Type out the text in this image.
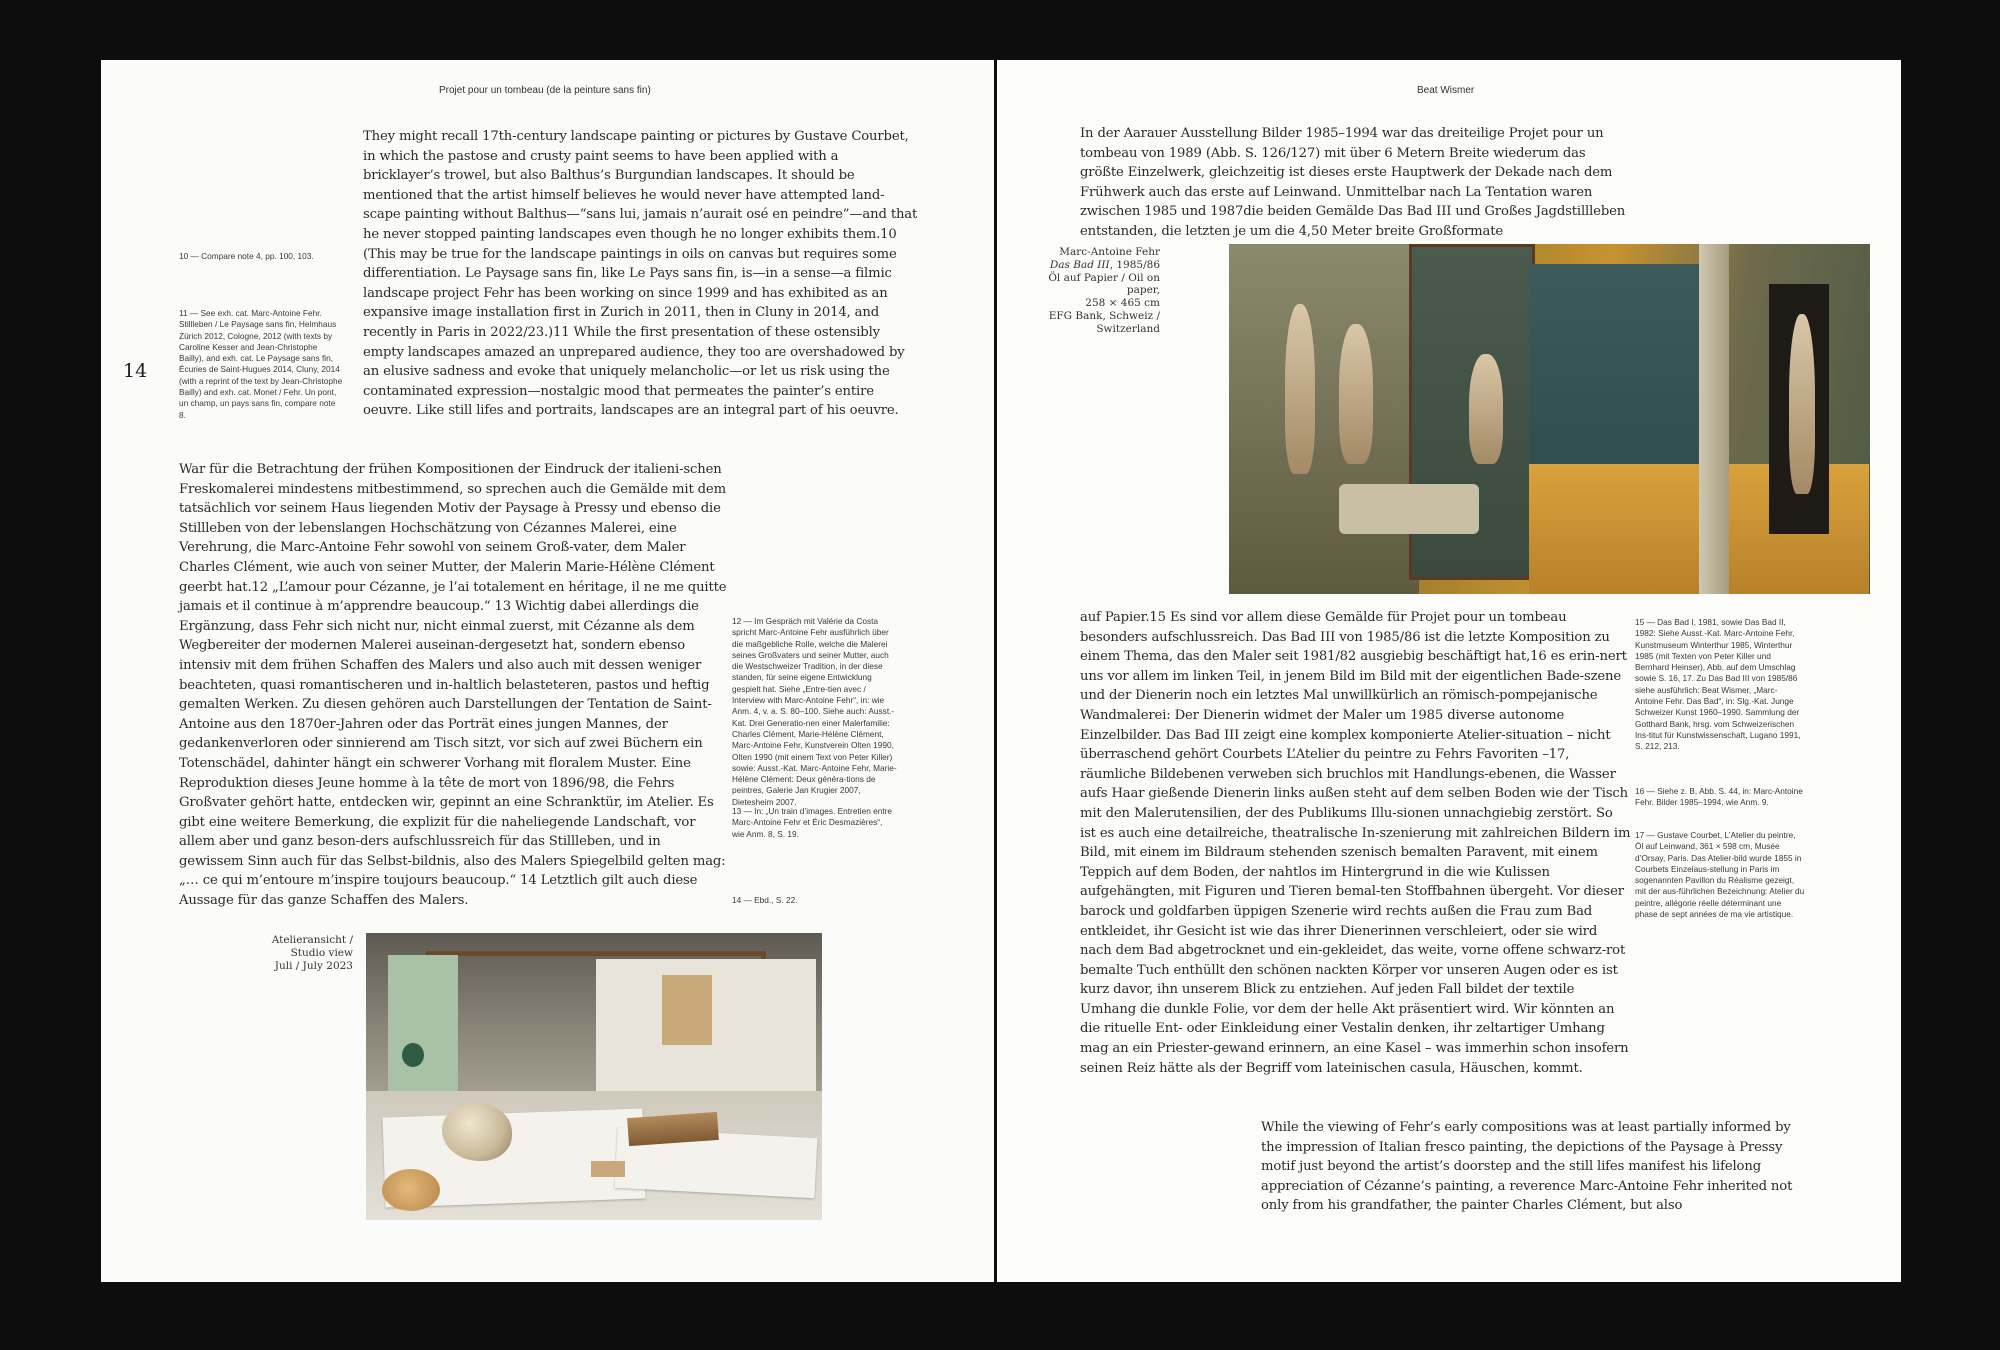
Projet pour un tombeau (de la peinture sans fin)
They might recall 17th-century landscape painting or pictures by Gustave Courbet, in which the pastose and crusty paint seems to have been applied with a bricklayer’s trowel, but also Balthus’s Burgundian landscapes. It should be mentioned that the artist himself believes he would never have attempted land-scape painting without Balthus—“sans lui, jamais n’aurait osé en peindre”—and that he never stopped painting landscapes even though he no longer exhibits them.10 (This may be true for the landscape paintings in oils on canvas but requires some differentiation. Le Paysage sans fin, like Le Pays sans fin, is—in a sense—a filmic landscape project Fehr has been working on since 1999 and has exhibited as an expansive image installation first in Zurich in 2011, then in Cluny in 2014, and recently in Paris in 2022/23.)11 While the first presentation of these ostensibly empty landscapes amazed an unprepared audience, they too are overshadowed by an elusive sadness and evoke that uniquely melancholic—or let us risk using the contaminated expression—nostalgic mood that permeates the painter’s entire oeuvre. Like still lifes and portraits, landscapes are an integral part of his oeuvre.
10 — Compare note 4, pp. 100, 103.
11 — See exh. cat. Marc-Antoine Fehr. Stillleben / Le Paysage sans fin, Helmhaus Zürich 2012, Cologne, 2012 (with texts by Caroline Kesser and Jean-Christophe Bailly), and exh. cat. Le Paysage sans fin, Écuries de Saint-Hugues 2014, Cluny, 2014 (with a reprint of the text by Jean-Christophe Bailly) and exh. cat. Monet / Fehr. Un pont, un champ, un pays sans fin, compare note 8.
14
War für die Betrachtung der frühen Kompositionen der Eindruck der italieni-schen Freskomalerei mindestens mitbestimmend, so sprechen auch die Gemälde mit dem tatsächlich vor seinem Haus liegenden Motiv der Paysage à Pressy und ebenso die Stillleben von der lebenslangen Hochschätzung von Cézannes Malerei, eine Verehrung, die Marc-Antoine Fehr sowohl von seinem Groß-vater, dem Maler Charles Clément, wie auch von seiner Mutter, der Malerin Marie-Hélène Clément geerbt hat.12 „L’amour pour Cézanne, je l’ai totalement en héritage, il ne me quitte jamais et il continue à m’apprendre beaucoup.“ 13 Wichtig dabei allerdings die Ergänzung, dass Fehr sich nicht nur, nicht einmal zuerst, mit Cézanne als dem Wegbereiter der modernen Malerei auseinan-dergesetzt hat, sondern ebenso intensiv mit dem frühen Schaffen des Malers und also auch mit dessen weniger beachteten, quasi romantischeren und in-haltlich belasteteren, pastos und heftig gemalten Werken. Zu diesen gehören auch Darstellungen der Tentation de Saint-Antoine aus den 1870er-Jahren oder das Porträt eines jungen Mannes, der gedankenverloren oder sinnierend am Tisch sitzt, vor sich auf zwei Büchern ein Totenschädel, dahinter hängt ein schwerer Vorhang mit floralem Muster. Eine Reproduktion dieses Jeune homme à la tête de mort von 1896/98, die Fehrs Großvater gehört hatte, entdecken wir, gepinnt an eine Schranktür, im Atelier. Es gibt eine weitere Bemerkung, die explizit für die naheliegende Landschaft, vor allem aber und ganz beson-ders aufschlussreich für das Stillleben, und in gewissem Sinn auch für das Selbst-bildnis, also des Malers Spiegelbild gelten mag: „… ce qui m’entoure m’inspire toujours beaucoup.“ 14 Letztlich gilt auch diese Aussage für das ganze Schaffen des Malers.
12 — Im Gespräch mit Valérie da Costa spricht Marc-Antoine Fehr ausführlich über die maßgebliche Rolle, welche die Malerei seines Großvaters und seiner Mutter, auch die Westschweizer Tradition, in der diese standen, für seine eigene Entwicklung gespielt hat. Siehe „Entre-tien avec / Interview with Marc-Antoine Fehr“, in: wie Anm. 4, v. a. S. 80–100. Siehe auch: Ausst.-Kat. Drei Generatio-nen einer Malerfamilie: Charles Clément, Marie-Hélène Clément, Marc-Antoine Fehr, Kunstverein Olten 1990, Olten 1990 (mit einem Text von Peter Killer) sowie: Ausst.-Kat. Marc-Antoine Fehr, Marie-Hélène Clément: Deux généra-tions de peintres, Galerie Jan Krugier 2007, Dietesheim 2007.
13 — In: „Un train d’images. Entretien entre Marc-Antoine Fehr et Éric Desmazières“, wie Anm. 8, S. 19.
14 — Ebd., S. 22.
Atelieransicht /
Studio view
Juli / July 2023
Beat Wismer
In der Aarauer Ausstellung Bilder 1985–1994 war das dreiteilige Projet pour un tombeau von 1989 (Abb. S. 126/127) mit über 6 Metern Breite wiederum das größte Einzelwerk, gleichzeitig ist dieses erste Hauptwerk der Dekade nach dem Frühwerk auch das erste auf Leinwand. Unmittelbar nach La Tentation waren zwischen 1985 und 1987die beiden Gemälde Das Bad III und Großes Jagdstillleben entstanden, die letzten je um die 4,50 Meter breite Großformate
Marc-Antoine Fehr
Das Bad III, 1985/86
Öl auf Papier / Oil on paper,
258 × 465 cm
EFG Bank, Schweiz /
Switzerland
auf Papier.15 Es sind vor allem diese Gemälde für Projet pour un tombeau besonders aufschlussreich. Das Bad III von 1985/86 ist die letzte Komposition zu einem Thema, das den Maler seit 1981/82 ausgiebig beschäftigt hat,16 es erin-nert uns vor allem im linken Teil, in jenem Bild im Bild mit der eigentlichen Bade-szene und der Dienerin noch ein letztes Mal unwillkürlich an römisch-pompejanische Wandmalerei: Der Dienerin widmet der Maler um 1985 diverse autonome Einzelbilder. Das Bad III zeigt eine komplex komponierte Atelier-situation – nicht überraschend gehört Courbets L’Atelier du peintre zu Fehrs Favoriten –17, räumliche Bildebenen verweben sich bruchlos mit Handlungs-ebenen, die Wasser aufs Haar gießende Dienerin links außen steht auf dem selben Boden wie der Tisch mit den Malerutensilien, der des Publikums Illu-sionen unnachgiebig zerstört. So ist es auch eine detailreiche, theatralische In-szenierung mit zahlreichen Bildern im Bild, mit einem im Bildraum stehenden szenisch bemalten Paravent, mit einem Teppich auf dem Boden, der nahtlos im Hintergrund in die wie Kulissen aufgehängten, mit Figuren und Tieren bemal-ten Stoffbahnen übergeht. Vor dieser barock und goldfarben üppigen Szenerie wird rechts außen die Frau zum Bad entkleidet, ihr Gesicht ist wie das ihrer Dienerinnen verschleiert, oder sie wird nach dem Bad abgetrocknet und ein-gekleidet, das weite, vorne offene schwarz-rot bemalte Tuch enthüllt den schönen nackten Körper vor unseren Augen oder es ist kurz davor, ihn unserem Blick zu entziehen. Auf jeden Fall bildet der textile Umhang die dunkle Folie, vor dem der helle Akt präsentiert wird. Wir könnten an die rituelle Ent- oder Einkleidung einer Vestalin denken, ihr zeltartiger Umhang mag an ein Priester-gewand erinnern, an eine Kasel – was immerhin schon insofern seinen Reiz hätte als der Begriff vom lateinischen casula, Häuschen, kommt.
15 — Das Bad I, 1981, sowie Das Bad II, 1982: Siehe Ausst.-Kat. Marc-Antoine Fehr, Kunstmuseum Winterthur 1985, Winterthur 1985 (mit Texten von Peter Killer und Bernhard Heinser), Abb. auf dem Umschlag sowie S. 16, 17. Zu Das Bad III von 1985/86 siehe ausführlich: Beat Wismer, „Marc-Antoine Fehr. Das Bad“, in: Slg.-Kat. Junge Schweizer Kunst 1960–1990. Sammlung der Gotthard Bank, hrsg. vom Schweizerischen Ins-titut für Kunstwissenschaft, Lugano 1991, S. 212, 213.
16 — Siehe z. B. Abb. S. 44, in: Marc-Antoine Fehr. Bilder 1985–1994, wie Anm. 9.
17 — Gustave Courbet, L’Atelier du peintre, Öl auf Leinwand, 361 × 598 cm, Musée d’Orsay, Paris. Das Atelier-bild wurde 1855 in Courbets Einzelaus-stellung in Paris im sogenannten Pavillon du Réalisme gezeigt, mit der aus-führlichen Bezeichnung: Atelier du peintre, allégorie réelle déterminant une phase de sept années de ma vie artistique.
While the viewing of Fehr’s early compositions was at least partially informed by the impression of Italian fresco painting, the depictions of the Paysage à Pressy motif just beyond the artist’s doorstep and the still lifes manifest his lifelong appreciation of Cézanne’s painting, a reverence Marc-Antoine Fehr inherited not only from his grandfather, the painter Charles Clément, but also
